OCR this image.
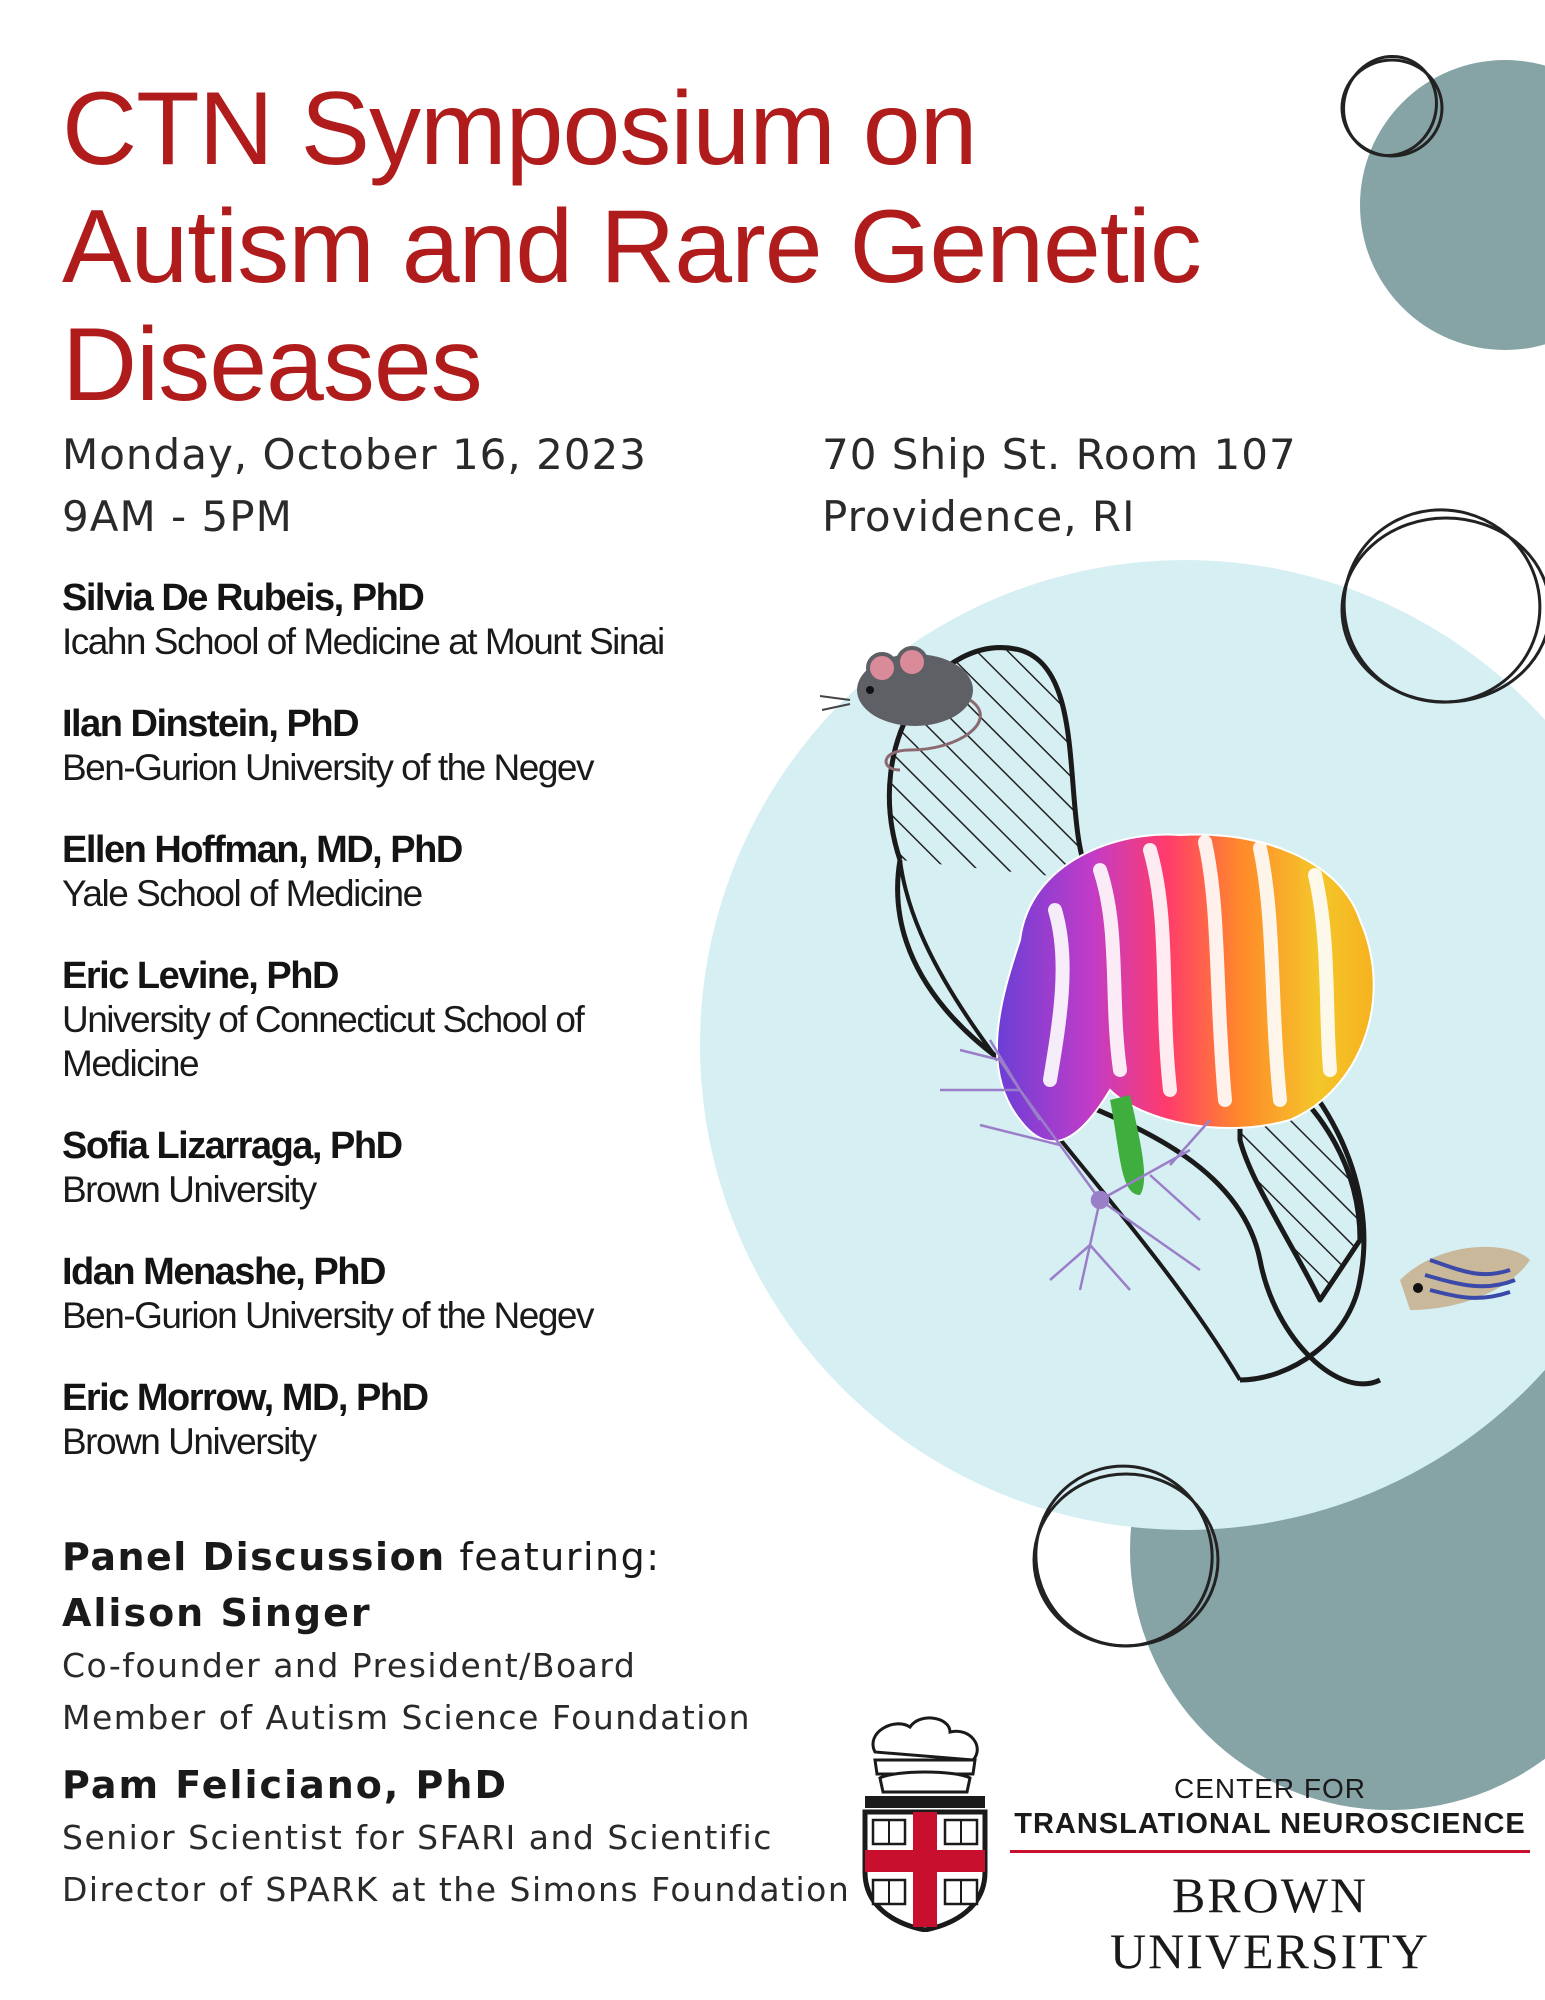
CTN Symposium on
Autism and Rare Genetic
Diseases
Monday, October 16, 2023
9AM - 5PM
70 Ship St. Room 107
Providence, RI
Silvia De Rubeis, PhD
Icahn School of Medicine at Mount Sinai
Ilan Dinstein, PhD
Ben-Gurion University of the Negev
Ellen Hoffman, MD, PhD
Yale School of Medicine
Eric Levine, PhD
University of Connecticut School of
Medicine
Sofia Lizarraga, PhD
Brown University
Idan Menashe, PhD
Ben-Gurion University of the Negev
Eric Morrow, MD, PhD
Brown University
Panel Discussion featuring:
Alison Singer
Co-founder and President/Board
Member of Autism Science Foundation
Pam Feliciano, PhD
Senior Scientist for SFARI and Scientific
Director of SPARK at the Simons Foundation
CENTER FOR
TRANSLATIONAL NEUROSCIENCE
BROWN UNIVERSITY
